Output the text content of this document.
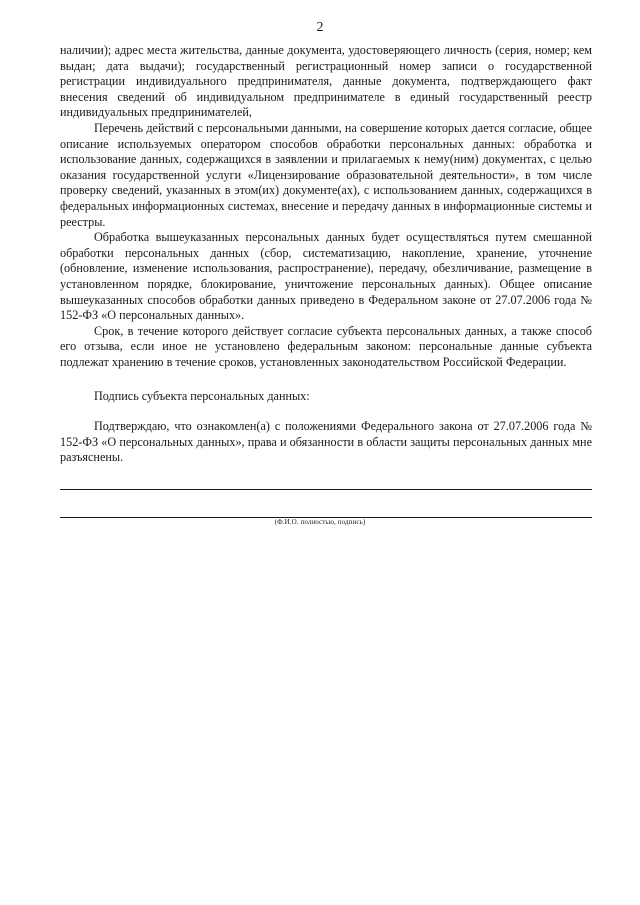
2

наличии); адрес места жительства, данные документа, удостоверяющего личность (серия, номер; кем выдан; дата выдачи); государственный регистрационный номер записи о государственной регистрации индивидуального предпринимателя, данные документа, подтверждающего факт внесения сведений об индивидуальном предпринимателе в единый государственный реестр индивидуальных предпринимателей,

Перечень действий с персональными данными, на совершение которых дается согласие, общее описание используемых оператором способов обработки персональных данных: обработка и использование данных, содержащихся в заявлении и прилагаемых к нему(ним) документах, с целью оказания государственной услуги «Лицензирование образовательной деятельности», в том числе проверку сведений, указанных в этом(их) документе(ах), с использованием данных, содержащихся в федеральных информационных системах, внесение и передачу данных в информационные системы и реестры.

Обработка вышеуказанных персональных данных будет осуществляться путем смешанной обработки персональных данных (сбор, систематизацию, накопление, хранение, уточнение (обновление, изменение использования, распространение), передачу, обезличивание, размещение в установленном порядке, блокирование, уничтожение персональных данных). Общее описание вышеуказанных способов обработки данных приведено в Федеральном законе от 27.07.2006 года № 152-ФЗ «О персональных данных».

Срок, в течение которого действует согласие субъекта персональных данных, а также способ его отзыва, если иное не установлено федеральным законом: персональные данные субъекта подлежат хранению в течение сроков, установленных законодательством Российской Федерации.

Подпись субъекта персональных данных:

Подтверждаю, что ознакомлен(а) с положениями Федерального закона от 27.07.2006 года № 152-ФЗ «О персональных данных», права и обязанности в области защиты персональных данных мне разъяснены.

(Ф.И.О. полностью, подпись)
